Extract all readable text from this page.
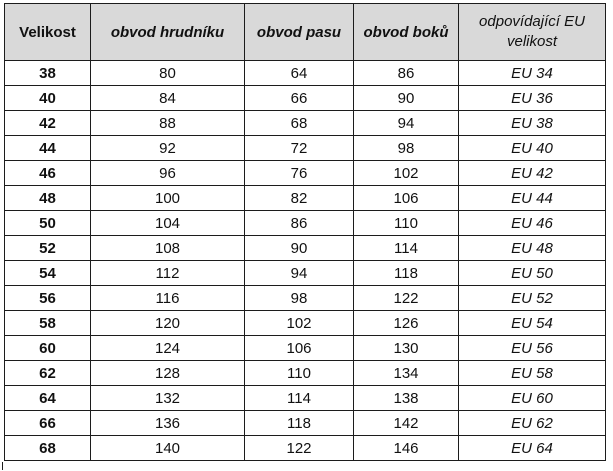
Velikost	obvod hrudníku	obvod pasu	obvod boků	odpovídající EU velikost
38	80	64	86	EU 34
40	84	66	90	EU 36
42	88	68	94	EU 38
44	92	72	98	EU 40
46	96	76	102	EU 42
48	100	82	106	EU 44
50	104	86	110	EU 46
52	108	90	114	EU 48
54	112	94	118	EU 50
56	116	98	122	EU 52
58	120	102	126	EU 54
60	124	106	130	EU 56
62	128	110	134	EU 58
64	132	114	138	EU 60
66	136	118	142	EU 62
68	140	122	146	EU 64
